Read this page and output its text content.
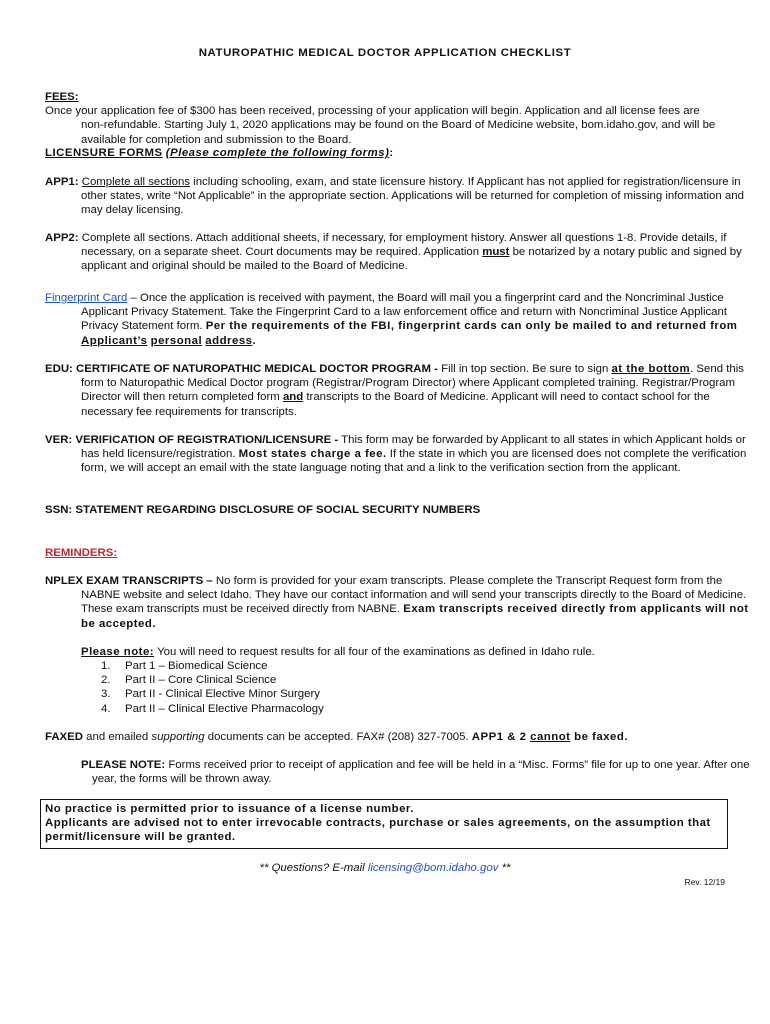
NATUROPATHIC MEDICAL DOCTOR APPLICATION CHECKLIST
FEES:
Once your application fee of $300 has been received, processing of your application will begin. Application and all license fees are non-refundable. Starting July 1, 2020 applications may be found on the Board of Medicine website, bom.idaho.gov, and will be available for completion and submission to the Board.
LICENSURE FORMS (Please complete the following forms):
APP1: Complete all sections including schooling, exam, and state licensure history. If Applicant has not applied for registration/licensure in other states, write “Not Applicable” in the appropriate section. Applications will be returned for completion of missing information and may delay licensing.
APP2: Complete all sections. Attach additional sheets, if necessary, for employment history. Answer all questions 1-8. Provide details, if necessary, on a separate sheet. Court documents may be required. Application must be notarized by a notary public and signed by applicant and original should be mailed to the Board of Medicine.
Fingerprint Card – Once the application is received with payment, the Board will mail you a fingerprint card and the Noncriminal Justice Applicant Privacy Statement. Take the Fingerprint Card to a law enforcement office and return with Noncriminal Justice Applicant Privacy Statement form. Per the requirements of the FBI, fingerprint cards can only be mailed to and returned from Applicant’s personal address.
EDU: CERTIFICATE OF NATUROPATHIC MEDICAL DOCTOR PROGRAM - Fill in top section. Be sure to sign at the bottom. Send this form to Naturopathic Medical Doctor program (Registrar/Program Director) where Applicant completed training. Registrar/Program Director will then return completed form and transcripts to the Board of Medicine. Applicant will need to contact school for the necessary fee requirements for transcripts.
VER: VERIFICATION OF REGISTRATION/LICENSURE - This form may be forwarded by Applicant to all states in which Applicant holds or has held licensure/registration. Most states charge a fee. If the state in which you are licensed does not complete the verification form, we will accept an email with the state language noting that and a link to the verification section from the applicant.
SSN: STATEMENT REGARDING DISCLOSURE OF SOCIAL SECURITY NUMBERS
REMINDERS:
NPLEX EXAM TRANSCRIPTS – No form is provided for your exam transcripts. Please complete the Transcript Request form from the NABNE website and select Idaho. They have our contact information and will send your transcripts directly to the Board of Medicine. These exam transcripts must be received directly from NABNE. Exam transcripts received directly from applicants will not be accepted.
Please note: You will need to request results for all four of the examinations as defined in Idaho rule.
1. Part 1 – Biomedical Science
2. Part II – Core Clinical Science
3. Part II - Clinical Elective Minor Surgery
4. Part II – Clinical Elective Pharmacology
FAXED and emailed supporting documents can be accepted. FAX# (208) 327-7005. APP1 & 2 cannot be faxed.
PLEASE NOTE: Forms received prior to receipt of application and fee will be held in a “Misc. Forms” file for up to one year. After one year, the forms will be thrown away.
No practice is permitted prior to issuance of a license number.
Applicants are advised not to enter irrevocable contracts, purchase or sales agreements, on the assumption that permit/licensure will be granted.
** Questions? E-mail licensing@bom.idaho.gov **
Rev. 12/19
